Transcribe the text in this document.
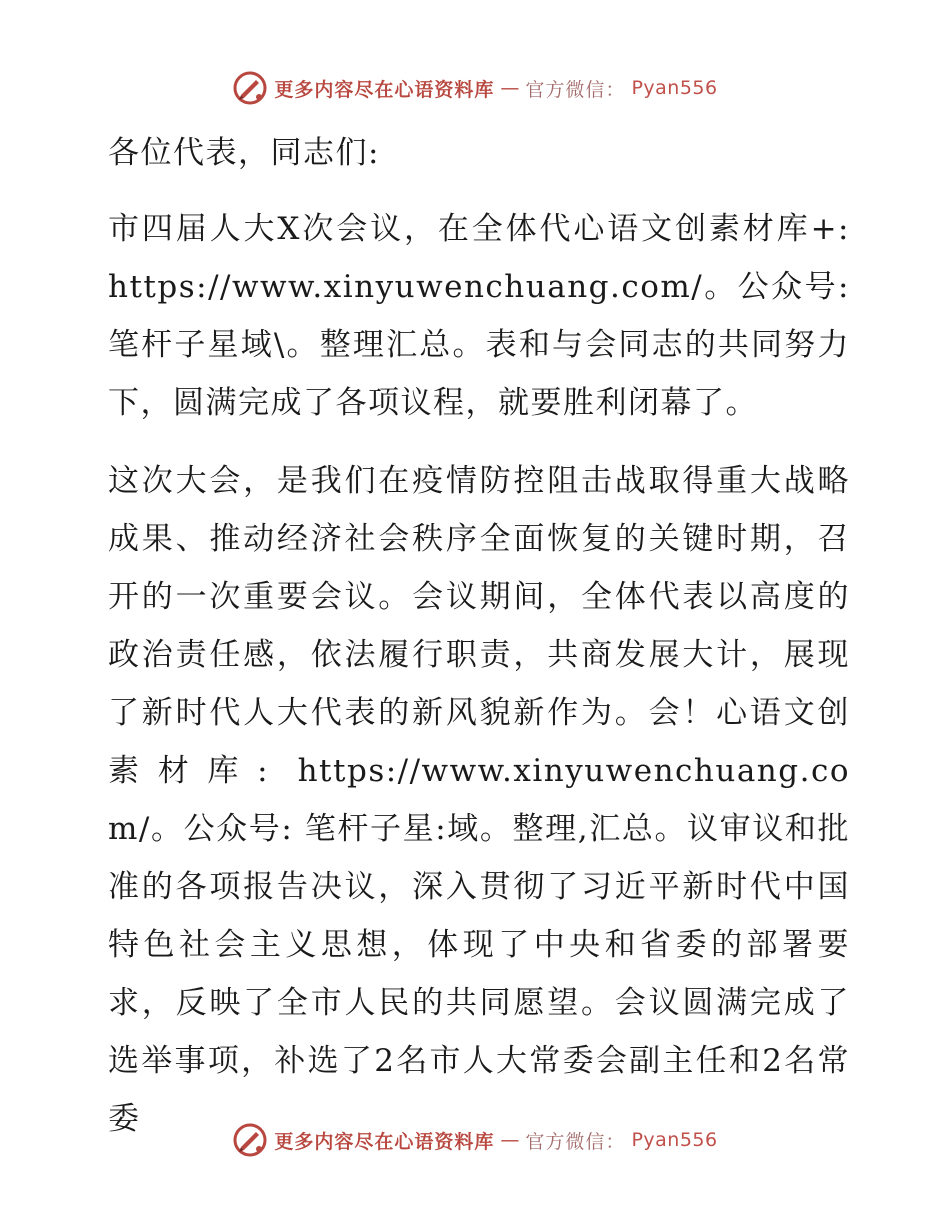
更多内容尽在心语资料库 — 官方微信： Pyan556

各位代表，同志们:

市四届人大X次会议，在全体代心语文创素材库+: https://www.xinyuwenchuang.com/。公众号: 笔杆子星域\。整理汇总。表和与会同志的共同努力下，圆满完成了各项议程，就要胜利闭幕了。

这次大会，是我们在疫情防控阻击战取得重大战略成果、推动经济社会秩序全面恢复的关键时期，召开的一次重要会议。会议期间，全体代表以高度的政治责任感，依法履行职责，共商发展大计，展现了新时代人大代表的新风貌新作为。会！心语文创素材库: https://www.xinyuwenchuang.com/。公众号: 笔杆子星:域。整理,汇总。议审议和批准的各项报告决议，深入贯彻了习近平新时代中国特色社会主义思想，体现了中央和省委的部署要求，反映了全市人民的共同愿望。会议圆满完成了选举事项，补选了2名市人大常委会副主任和2名常委

更多内容尽在心语资料库 — 官方微信： Pyan556
